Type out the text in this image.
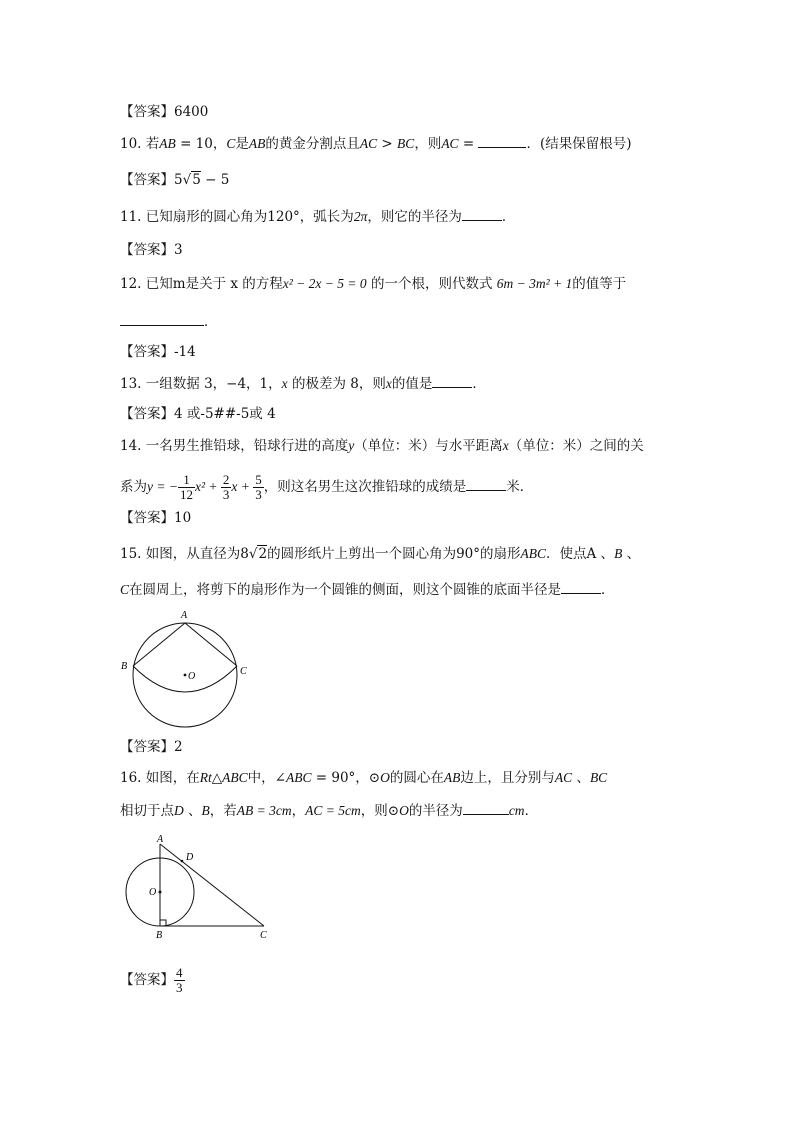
【答案】6400
10. 若AB = 10，C是AB的黄金分割点且AC > BC，则AC =	．(结果保留根号)
【答案】5√5 − 5
11. 已知扇形的圆心角为120°，弧长为2π，则它的半径为	．
【答案】3
12. 已知m是关于 x 的方程x² − 2x − 5 = 0 的一个根，则代数式 6m − 3m² + 1的值等于
．
【答案】-14
13. 一组数据 3，−4，1，x 的极差为 8，则x的值是	．
【答案】4 或-5##-5或 4
14. 一名男生推铅球，铅球行进的高度y（单位：米）与水平距离x（单位：米）之间的关
系为y = − $\frac{1}{12} x^2 + \frac{2}{3}$ $x + \frac{5}{3}$ ，则这名男生这次推铅球的成绩是	米．
【答案】10
15. 如图，从直径为8√2的圆形纸片上剪出一个圆心角为90°的扇形ABC．使点A 、B 、
C在圆周上，将剪下的扇形作为一个圆锥的侧面，则这个圆锥的底面半径是	．
A
B	C
O
【答案】2
16. 如图，在Rt△ABC中，∠ABC = 90°，⊙O的圆心在AB边上，且分别与AC 、BC
相切于点D 、B，若AB = 3cm，AC = 5cm，则⊙O的半径为	cm．
A
D
O
B	C
【答案】 $\frac{4}{3}$
